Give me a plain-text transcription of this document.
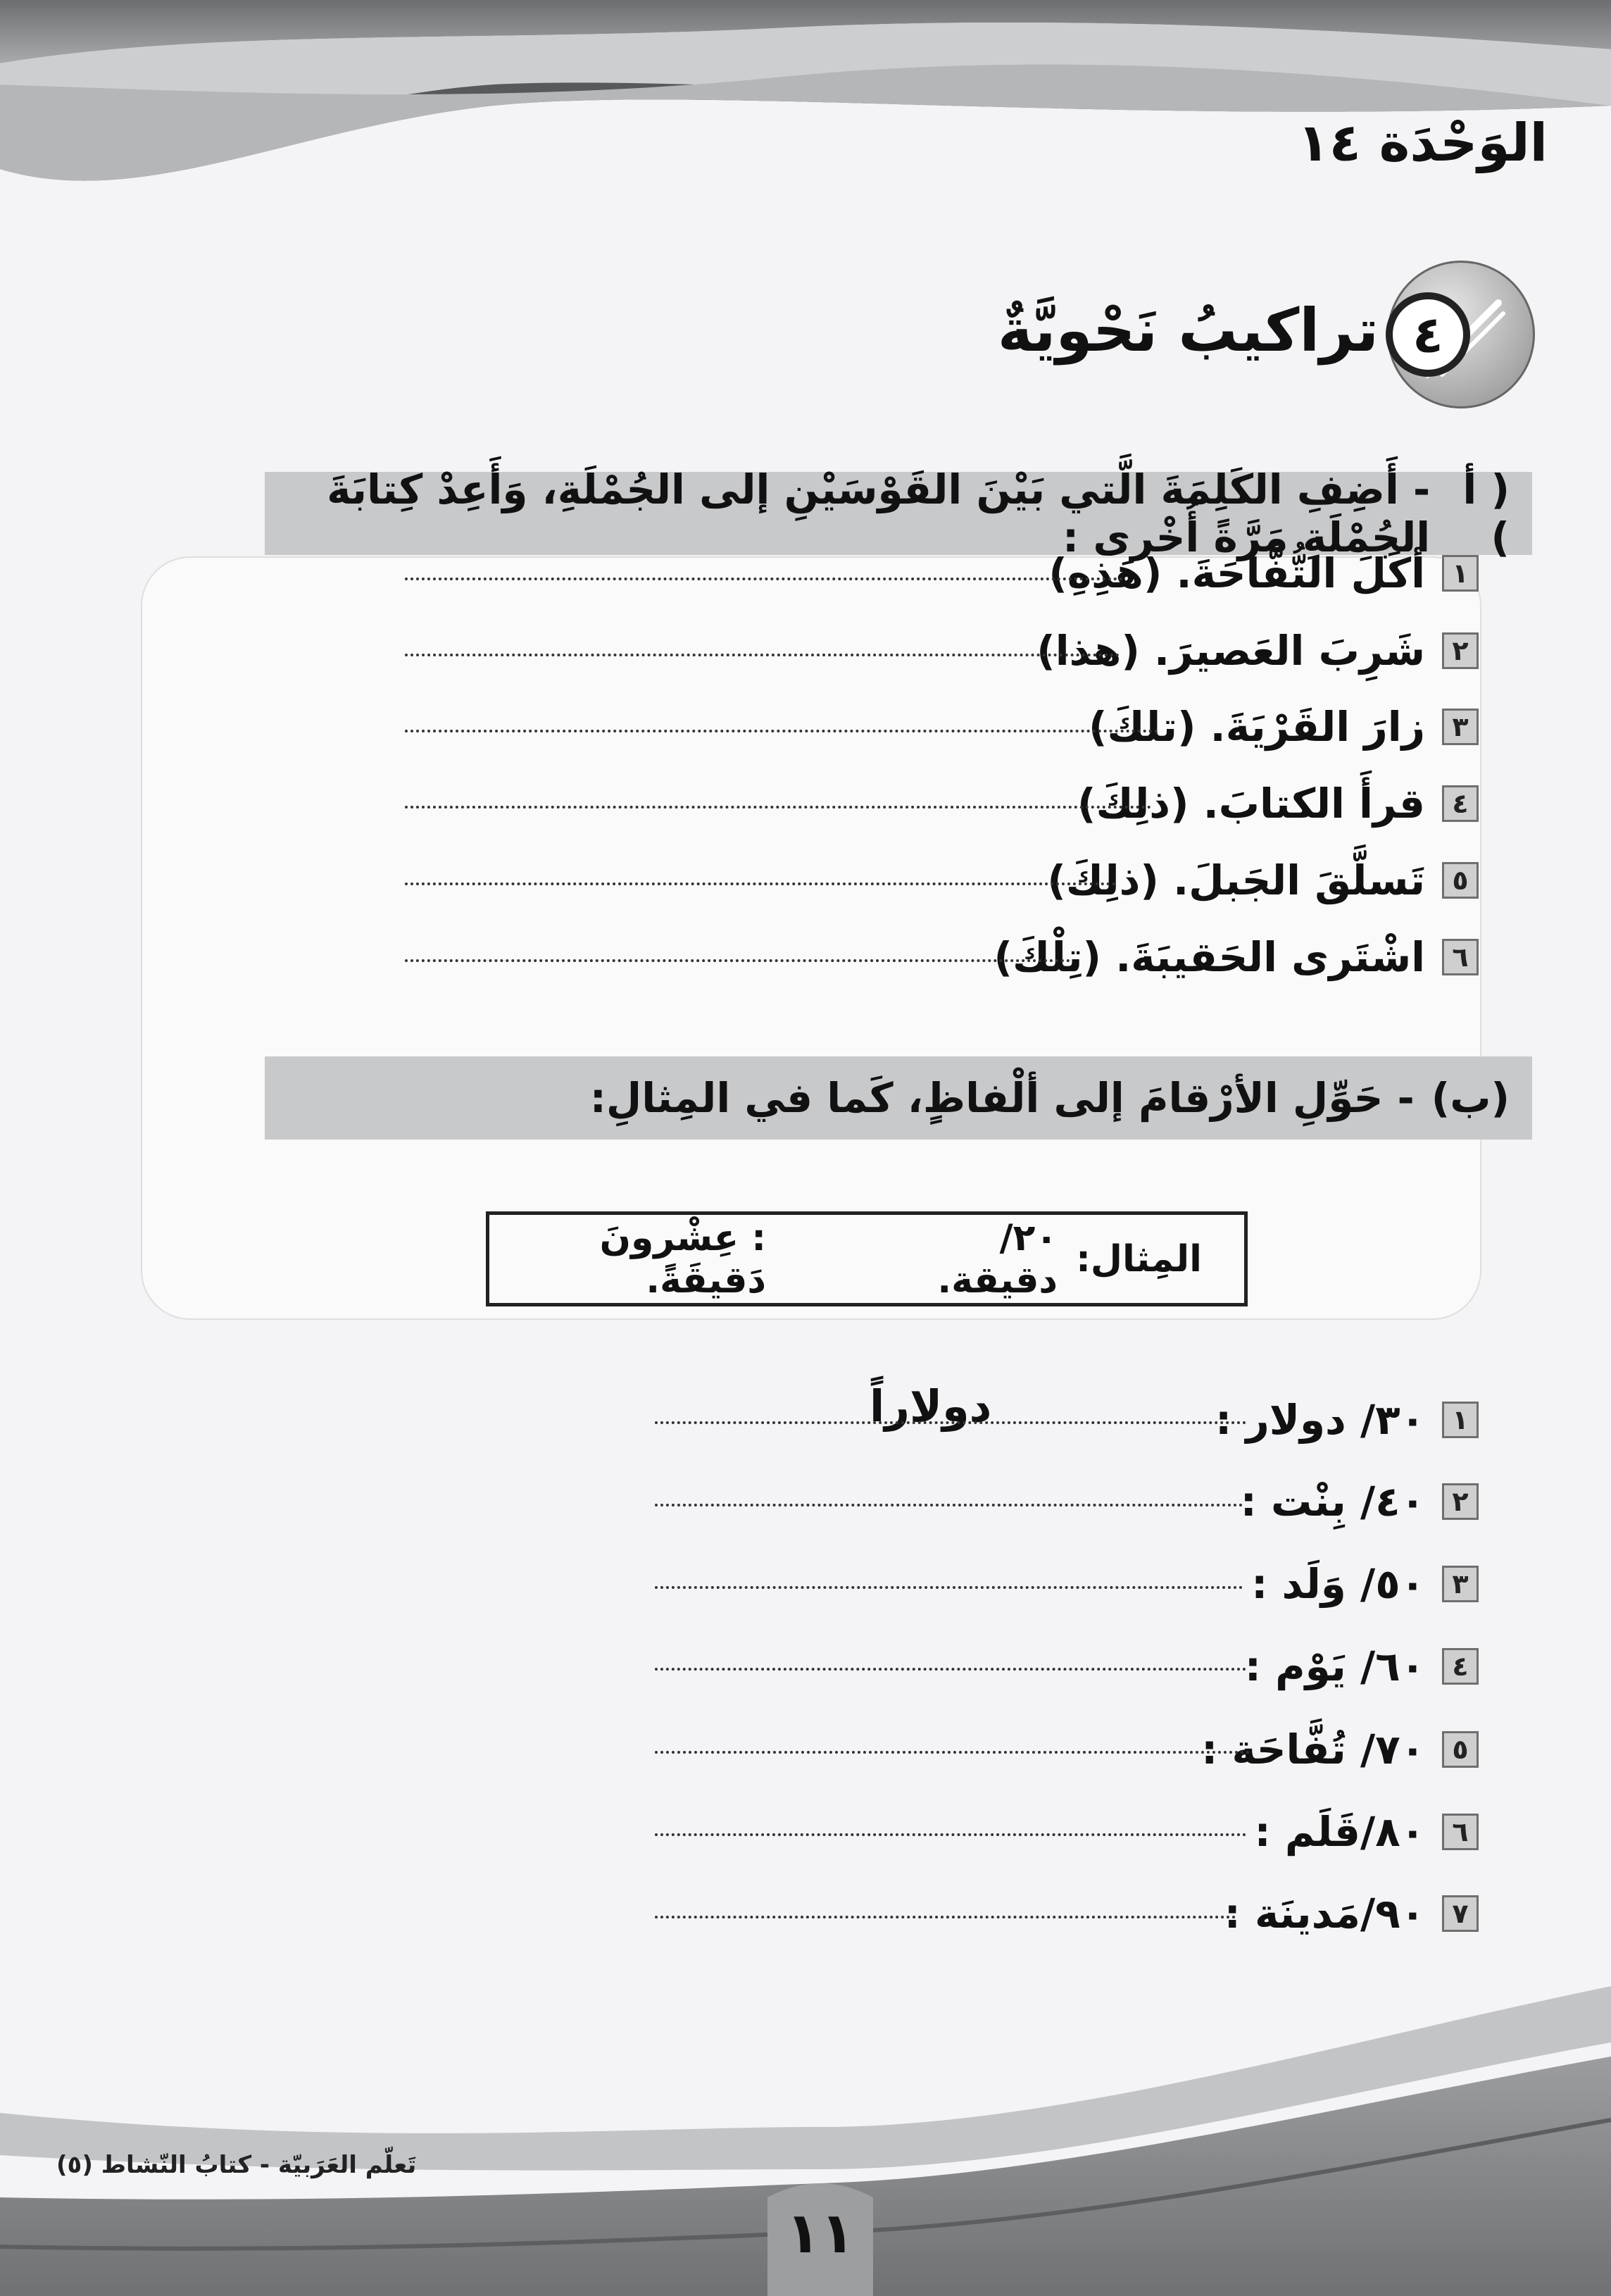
الوَحْدَة ١٤
٤
تراكيبُ نَحْويَّةٌ
( أ )
- أَضِفِ الكَلِمَةَ الَّتي بَيْنَ القَوْسَيْنِ إلى الجُمْلَةِ، وَأَعِدْ كِتابَةَ الجُمْلَةِ مَرَّةً أُخْرى :
١
أكَلَ التُّفَّاحَةَ. (هَذِهِ)
٢
شَرِبَ العَصيرَ. (هذا)
٣
زارَ القَرْيَةَ. (تلكَ)
٤
قرأَ الكتابَ. (ذلِكَ)
٥
تَسلَّقَ الجَبلَ. (ذلِكَ)
٦
اشْتَرى الحَقيبَةَ. (تِلْكَ)
(ب)
- حَوِّلِ الأرْقامَ إلى ألْفاظٍ، كَما في المِثالِ:
المِثال:
٢٠/دقيقة.
: عِشْرونَ دَقيقَةً.
دولاراً	١
٣٠/ دولار :
٢
٤٠/ بِنْت :
٣
٥٠/ وَلَد :
٤
٦٠/ يَوْم :
٥
٧٠/ تُفَّاحَة :
٦
٨٠/قَلَم :
٧
٩٠/مَدينَة :
تَعلّم العَرَبيّة - كتابُ النّشاط (٥)
١١
